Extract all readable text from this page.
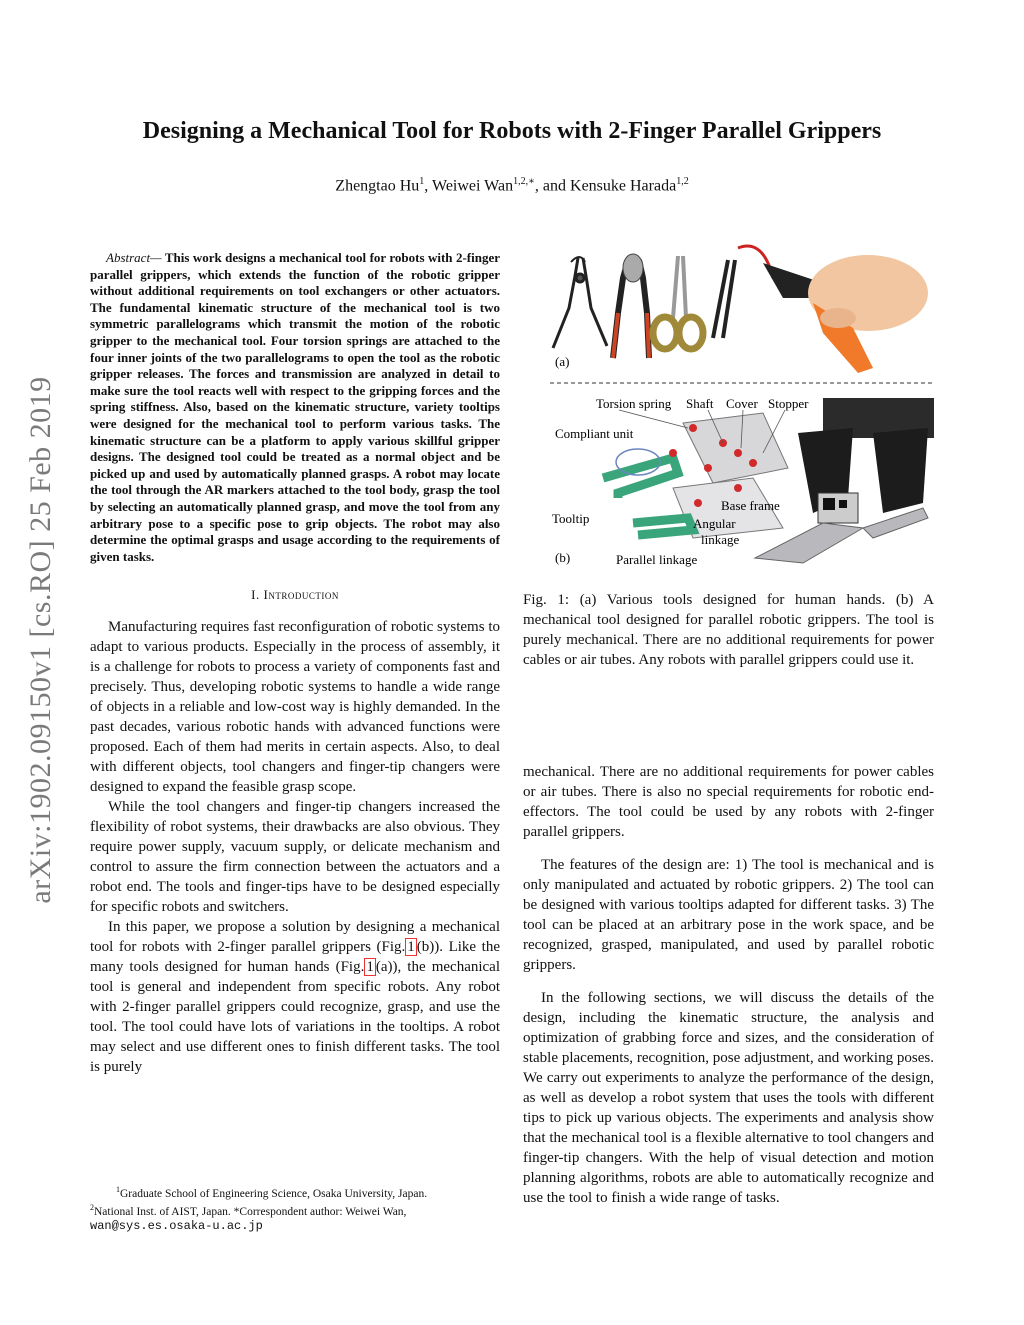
arXiv:1902.09150v1 [cs.RO] 25 Feb 2019
Designing a Mechanical Tool for Robots with 2-Finger Parallel Grippers
Zhengtao Hu$^1$, Weiwei Wan$^{1,2,∗}$, and Kensuke Harada$^{1,2}$

Abstract— This work designs a mechanical tool for robots with 2-finger parallel grippers, which extends the function of the robotic gripper without additional requirements on tool exchangers or other actuators. The fundamental kinematic structure of the mechanical tool is two symmetric parallelograms which transmit the motion of the robotic gripper to the mechanical tool. Four torsion springs are attached to the four inner joints of the two parallelograms to open the tool as the robotic gripper releases. The forces and transmission are analyzed in detail to make sure the tool reacts well with respect to the gripping forces and the spring stiffness. Also, based on the kinematic structure, variety tooltips were designed for the mechanical tool to perform various tasks. The kinematic structure can be a platform to apply various skillful gripper designs. The designed tool could be treated as a normal object and be picked up and used by automatically planned grasps. A robot may locate the tool through the AR markers attached to the tool body, grasp the tool by selecting an automatically planned grasp, and move the tool from any arbitrary pose to a specific pose to grip objects. The robot may also determine the optimal grasps and usage according to the requirements of given tasks.

I. Introduction

Manufacturing requires fast reconfiguration of robotic systems to adapt to various products. Especially in the process of assembly, it is a challenge for robots to process a variety of components fast and precisely. Thus, developing robotic systems to handle a wide range of objects in a reliable and low-cost way is highly demanded. In the past decades, various robotic hands with advanced functions were proposed. Each of them had merits in certain aspects. Also, to deal with different objects, tool changers and finger-tip changers were designed to expand the feasible grasp scope.

While the tool changers and finger-tip changers increased the flexibility of robot systems, their drawbacks are also obvious. They require power supply, vacuum supply, or delicate mechanism and control to assure the firm connection between the actuators and a robot end. The tools and finger-tips have to be designed especially for specific robots and switchers.

In this paper, we propose a solution by designing a mechanical tool for robots with 2-finger parallel grippers (Fig. 1 (b)). Like the many tools designed for human hands (Fig. 1 (a)), the mechanical tool is general and independent from specific robots. Any robot with 2-finger parallel grippers could recognize, grasp, and use the tool. The tool could have lots of variations in the tooltips. A robot may select and use different ones to finish different tasks. The tool is purely

$^1$Graduate School of Engineering Science, Osaka University, Japan.
$^2$National Inst. of AIST, Japan. *Correspondent author: Weiwei Wan,
wan@sys.es.osaka-u.ac.jp
(a)
(b)
Torsion spring Shaft Cover Stopper
Compliant unit
Tooltip
Base frame
Angular
linkage
Parallel linkage

Fig. 1: (a) Various tools designed for human hands. (b) A mechanical tool designed for parallel robotic grippers. The tool is purely mechanical. There are no additional requirements for power cables or air tubes. Any robots with parallel grippers could use it.

mechanical. There are no additional requirements for power cables or air tubes. There is also no special requirements for robotic end-effectors. The tool could be used by any robots with 2-finger parallel grippers.

The features of the design are: 1) The tool is mechanical and is only manipulated and actuated by robotic grippers. 2) The tool can be designed with various tooltips adapted for different tasks. 3) The tool can be placed at an arbitrary pose in the work space, and be recognized, grasped, manipulated, and used by parallel robotic grippers.

In the following sections, we will discuss the details of the design, including the kinematic structure, the analysis and optimization of grabbing force and sizes, and the consideration of stable placements, recognition, pose adjustment, and working poses. We carry out experiments to analyze the performance of the design, as well as develop a robot system that uses the tools with different tips to pick up various objects. The experiments and analysis show that the mechanical tool is a flexible alternative to tool changers and finger-tip changers. With the help of visual detection and motion planning algorithms, robots are able to automatically recognize and use the tool to finish a wide range of tasks.
